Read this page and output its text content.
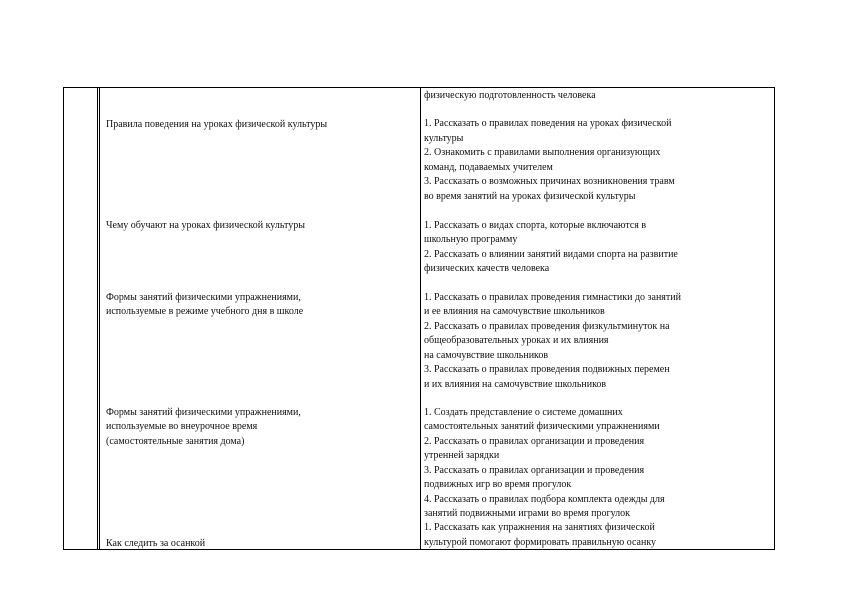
физическую подготовленность человека
Правила поведения на уроках физической культуры	1. Рассказать о правилах поведения на уроках физической
культуры
2. Ознакомить с правилами выполнения организующих
команд, подаваемых учителем
3. Рассказать о возможных причинах возникновения травм
во время занятий на уроках физической культуры
Чему обучают на уроках физической культуры	1. Рассказать о видах спорта, которые включаются в
школьную программу
2. Рассказать о влиянии занятий видами спорта на развитие
физических качеств человека
Формы занятий физическими упражнениями,
используемые в режиме учебного дня в школе
1. Рассказать о правилах проведения гимнастики до занятий
и ее влияния на самочувствие школьников
2. Рассказать о правилах проведения физкультминуток на
общеобразовательных уроках и их влияния
на самочувствие школьников
3. Рассказать о правилах проведения подвижных перемен
и их влияния на самочувствие школьников
Формы занятий физическими упражнениями,
используемые во внеурочное время
(самостоятельные занятия дома)
1. Создать представление о системе домашних
самостоятельных занятий физическими упражнениями
2. Рассказать о правилах организации и проведения
утренней зарядки
3. Рассказать о правилах организации и проведения
подвижных игр во время прогулок
4. Рассказать о правилах подбора комплекта одежды для
занятий подвижными играми во время прогулок
1. Рассказать как упражнения на занятиях физической
культурой помогают формировать правильную осанку
Как следить за осанкой
